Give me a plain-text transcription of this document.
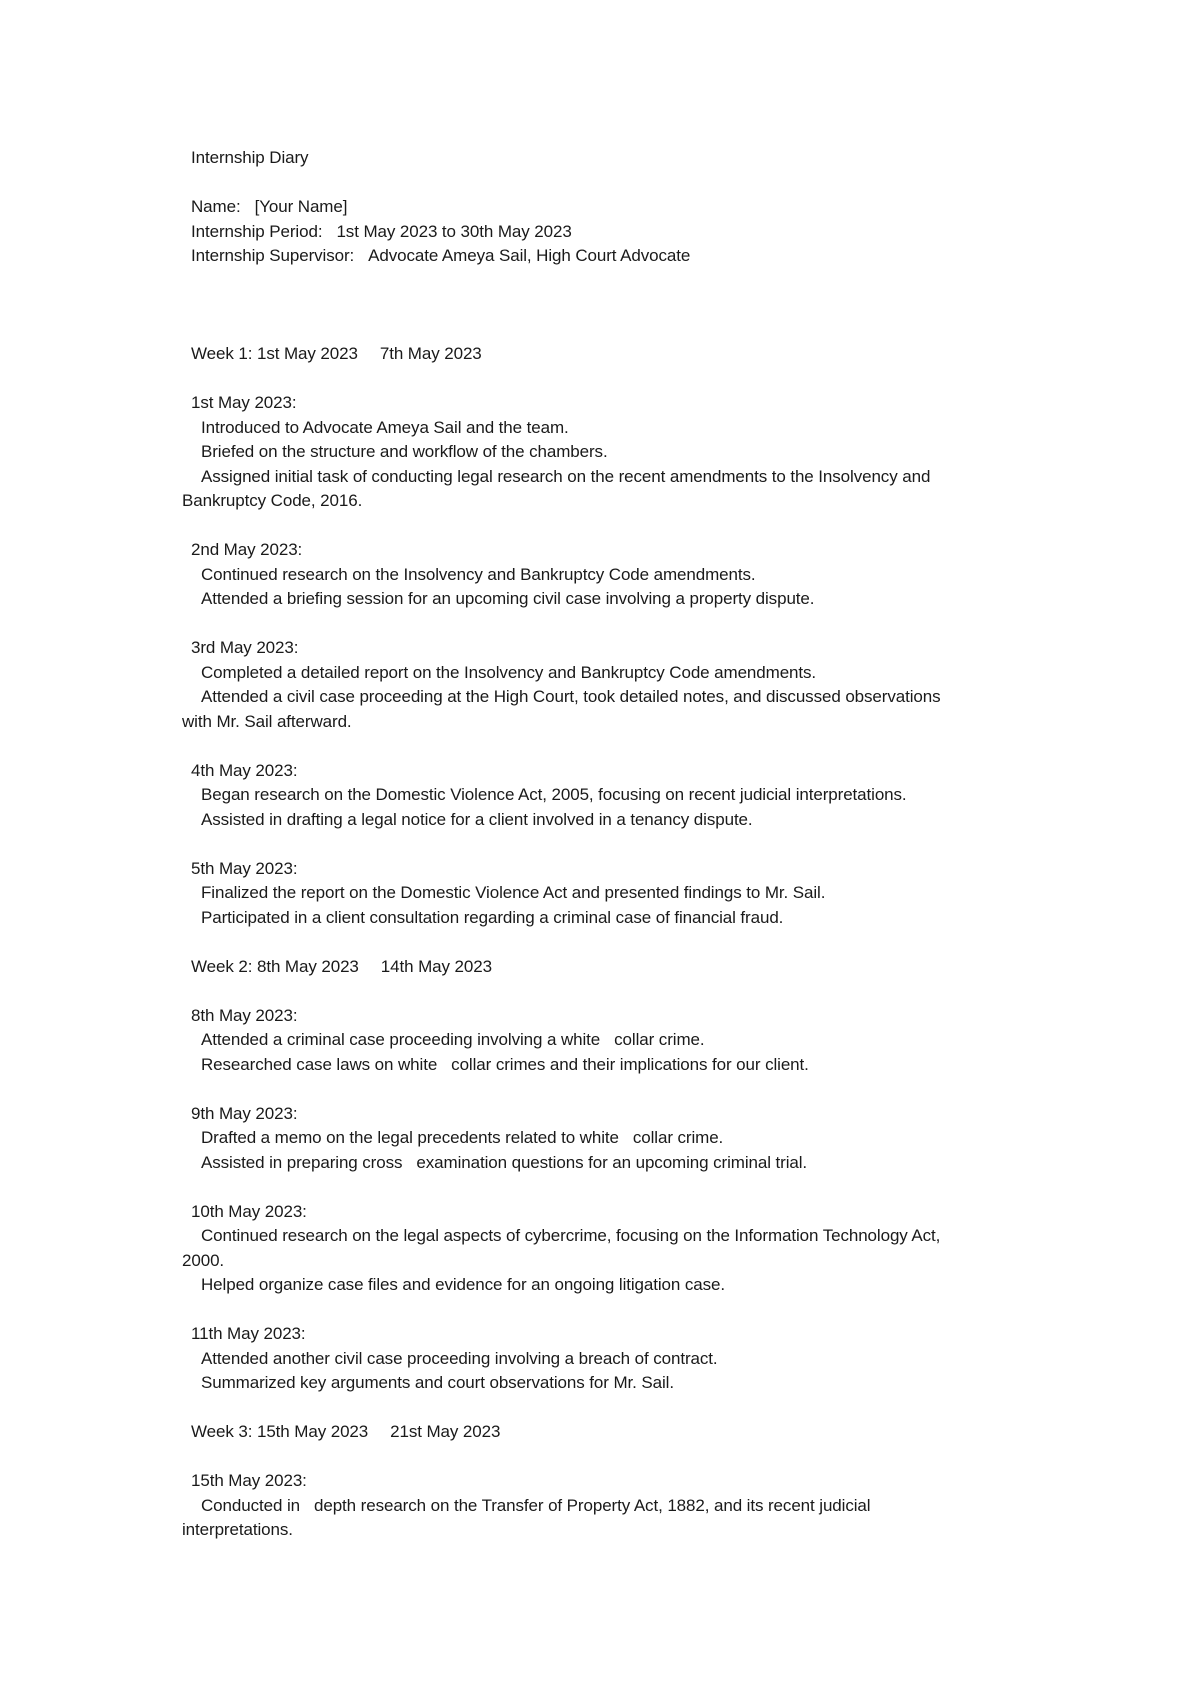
Internship Diary
Name: [Your Name]
Internship Period: 1st May 2023 to 30th May 2023
Internship Supervisor: Advocate Ameya Sail, High Court Advocate
Week 1: 1st May 2023 7th May 2023
1st May 2023:
Introduced to Advocate Ameya Sail and the team.
Briefed on the structure and workflow of the chambers.
Assigned initial task of conducting legal research on the recent amendments to the Insolvency and
Bankruptcy Code, 2016.
2nd May 2023:
Continued research on the Insolvency and Bankruptcy Code amendments.
Attended a briefing session for an upcoming civil case involving a property dispute.
3rd May 2023:
Completed a detailed report on the Insolvency and Bankruptcy Code amendments.
Attended a civil case proceeding at the High Court, took detailed notes, and discussed observations
with Mr. Sail afterward.
4th May 2023:
Began research on the Domestic Violence Act, 2005, focusing on recent judicial interpretations.
Assisted in drafting a legal notice for a client involved in a tenancy dispute.
5th May 2023:
Finalized the report on the Domestic Violence Act and presented findings to Mr. Sail.
Participated in a client consultation regarding a criminal case of financial fraud.
Week 2: 8th May 2023 14th May 2023
8th May 2023:
Attended a criminal case proceeding involving a white collar crime.
Researched case laws on white collar crimes and their implications for our client.
9th May 2023:
Drafted a memo on the legal precedents related to white collar crime.
Assisted in preparing cross examination questions for an upcoming criminal trial.
10th May 2023:
Continued research on the legal aspects of cybercrime, focusing on the Information Technology Act,
2000.
Helped organize case files and evidence for an ongoing litigation case.
11th May 2023:
Attended another civil case proceeding involving a breach of contract.
Summarized key arguments and court observations for Mr. Sail.
Week 3: 15th May 2023 21st May 2023
15th May 2023:
Conducted in depth research on the Transfer of Property Act, 1882, and its recent judicial
interpretations.
